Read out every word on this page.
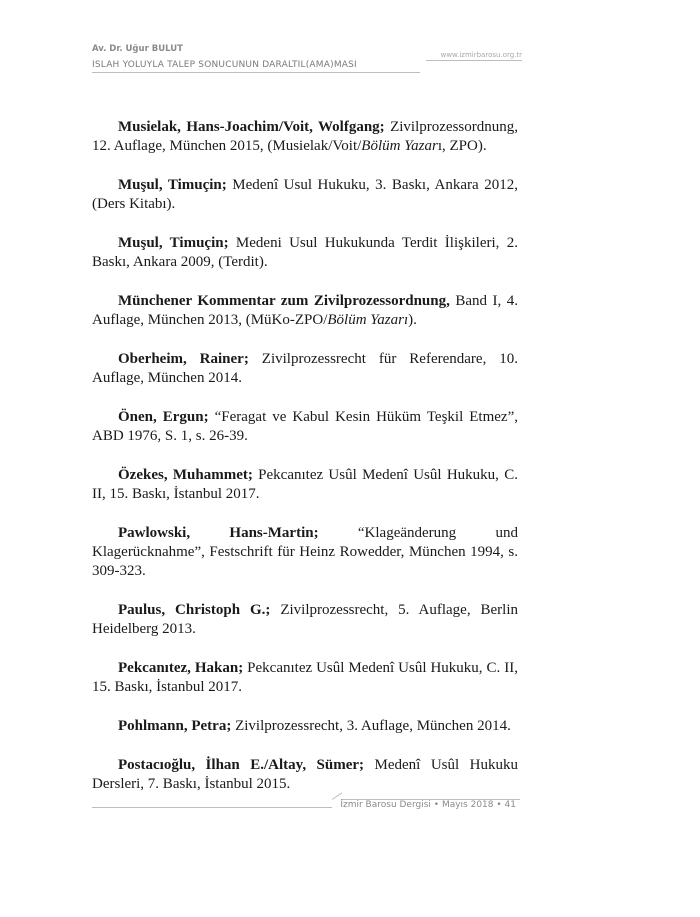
Av. Dr. Uğur BULUT
ISLAH YOLUYLA TALEP SONUCUNUN DARALTIL(AMA)MASI
www.izmirbarosu.org.tr

Musielak, Hans-Joachim/Voit, Wolfgang; Zivilprozessordnung, 12. Auflage, München 2015, (Musielak/Voit/Bölüm Yazarı, ZPO).

Muşul, Timuçin; Medenî Usul Hukuku, 3. Baskı, Ankara 2012, (Ders Kitabı).

Muşul, Timuçin; Medeni Usul Hukukunda Terdit İlişkileri, 2. Baskı, Ankara 2009, (Terdit).

Münchener Kommentar zum Zivilprozessordnung, Band I, 4. Auflage, München 2013, (MüKo-ZPO/Bölüm Yazarı).

Oberheim, Rainer; Zivilprozessrecht für Referendare, 10. Auflage, München 2014.

Önen, Ergun; “Feragat ve Kabul Kesin Hüküm Teşkil Etmez”, ABD 1976, S. 1, s. 26-39.

Özekes, Muhammet; Pekcanıtez Usûl Medenî Usûl Hukuku, C. II, 15. Baskı, İstanbul 2017.

Pawlowski, Hans-Martin; “Klageänderung und Klagerücknahme”, Festschrift für Heinz Rowedder, München 1994, s. 309-323.

Paulus, Christoph G.; Zivilprozessrecht, 5. Auflage, Berlin Heidelberg 2013.

Pekcanıtez, Hakan; Pekcanıtez Usûl Medenî Usûl Hukuku, C. II, 15. Baskı, İstanbul 2017.

Pohlmann, Petra; Zivilprozessrecht, 3. Auflage, München 2014.

Postacıoğlu, İlhan E./Altay, Sümer; Medenî Usûl Hukuku Dersleri, 7. Baskı, İstanbul 2015.

İzmir Barosu Dergisi • Mayıs 2018 • 41
